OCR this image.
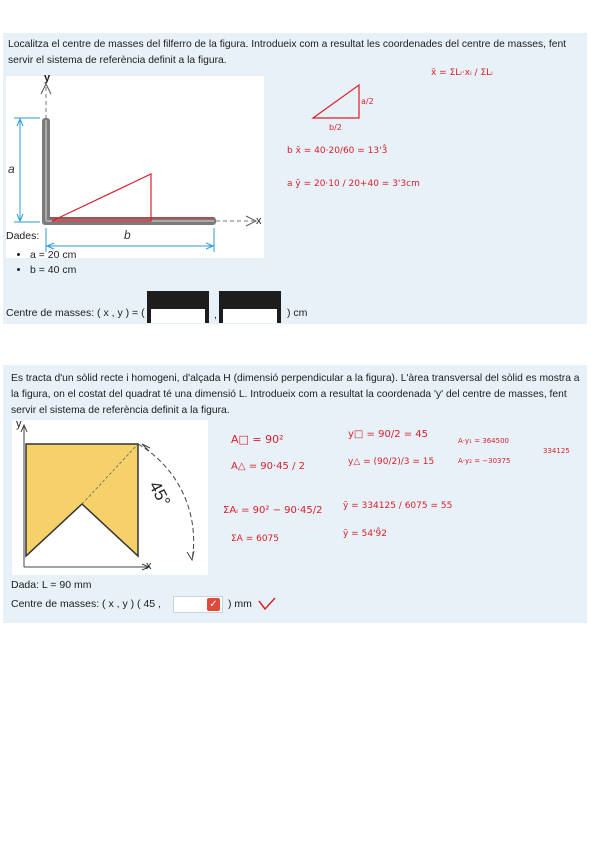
Localitza el centre de masses del filferro de la figura. Introdueix com a resultat les coordenades del centre de masses, fent servir el sistema de referència definit a la figura.
y
x
a
b
x̄ = ΣLᵢ·xᵢ / ΣLᵢ
a/2
b/2
b x̄ = 40·20/60 = 13'3̂
a ȳ = 20·10 / 20+40 = 3'3cm
Dades:
• a = 20 cm
• b = 40 cm
Centre de masses: ( x , y ) = (	,	) cm
Es tracta d'un sòlid recte i homogeni, d'alçada H (dimensió perpendicular a la figura). L'àrea transversal del sòlid es mostra a la figura, on el costat del quadrat té una dimensió L. Introdueix com a resultat la coordenada 'y' del centre de masses, fent servir el sistema de referència definit a la figura.
y
x
45°
A□ = 90²
A△ = 90·45 / 2
ΣAᵢ = 90² − 90·45/2
ΣA = 6075
y□ = 90/2 = 45
y△ = (90/2)/3 = 15
A·y₁ = 364500
A·y₂ = −30375
334125
ȳ = 334125 / 6075 = 55
ȳ = 54'9̂2
Dada: L = 90 mm
Centre de masses: ( x , y ) ( 45 ,	✓ ) mm
